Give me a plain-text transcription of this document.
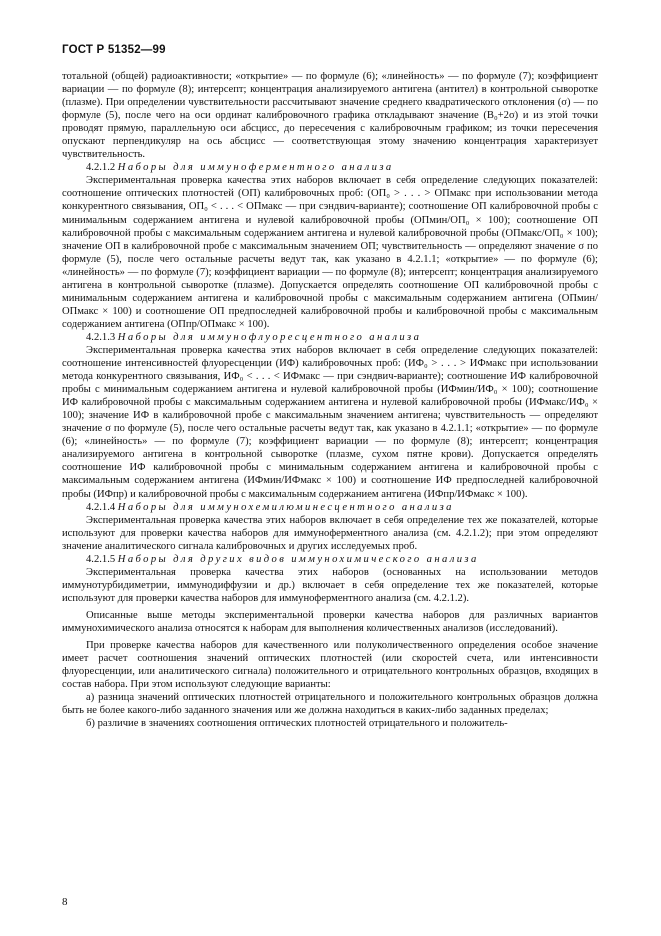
ГОСТ Р 51352—99

тотальной (общей) радиоактивности; «открытие» — по формуле (6); «линейность» — по формуле (7); коэффициент вариации — по формуле (8); интерсепт; концентрация анализируемого антигена (антител) в контрольной сыворотке (плазме). При определении чувствительности рассчитывают значение среднего квадратического отклонения (σ) — по формуле (5), после чего на оси ординат калибровочного графика откладывают значение (B₀+2σ) и из этой точки проводят прямую, параллельную оси абсцисс, до пересечения с калибровочным графиком; из точки пересечения опускают перпендикуляр на ось абсцисс — соответствующая этому значению концентрация характеризует чувствительность.

4.2.1.2 Наборы для иммуноферментного анализа

Экспериментальная проверка качества этих наборов включает в себя определение следующих показателей: соотношение оптических плотностей (ОП) калибровочных проб: (ОП₀ > . . . > ОПмакс при использовании метода конкурентного связывания, ОП₀ < . . . < ОПмакс — при сэндвич-варианте); соотношение ОП калибровочной пробы с минимальным содержанием антигена и нулевой калибровочной пробы (ОПмин/ОП₀ × 100); соотношение ОП калибровочной пробы с максимальным содержанием антигена и нулевой калибровочной пробы (ОПмакс/ОП₀ × 100); значение ОП в калибровочной пробе с максимальным значением ОП; чувствительность — определяют значение σ по формуле (5), после чего остальные расчеты ведут так, как указано в 4.2.1.1; «открытие» — по формуле (6); «линейность» — по формуле (7); коэффициент вариации — по формуле (8); интерсепт; концентрация анализируемого антигена в контрольной сыворотке (плазме). Допускается определять соотношение ОП калибровочной пробы с минимальным содержанием антигена и калибровочной пробы с максимальным содержанием антигена (ОПмин/ОПмакс × 100) и соотношение ОП предпоследней калибровочной пробы и калибровочной пробы с максимальным содержанием антигена (ОПпр/ОПмакс × 100).

4.2.1.3 Наборы для иммунофлуоресцентного анализа

Экспериментальная проверка качества этих наборов включает в себя определение следующих показателей: соотношение интенсивностей флуоресценции (ИФ) калибровочных проб: (ИФ₀ > . . . > ИФмакс при использовании метода конкурентного связывания, ИФ₀ < . . . < ИФмакс — при сэндвич-варианте); соотношение ИФ калибровочной пробы с минимальным содержанием антигена и нулевой калибровочной пробы (ИФмин/ИФ₀ × 100); соотношение ИФ калибровочной пробы с максимальным содержанием антигена и нулевой калибровочной пробы (ИФмакс/ИФ₀ × 100); значение ИФ в калибровочной пробе с максимальным значением антигена; чувствительность — определяют значение σ по формуле (5), после чего остальные расчеты ведут так, как указано в 4.2.1.1; «открытие» — по формуле (6); «линейность» — по формуле (7); коэффициент вариации — по формуле (8); интерсепт; концентрация анализируемого антигена в контрольной сыворотке (плазме, сухом пятне крови). Допускается определять соотношение ИФ калибровочной пробы с минимальным содержанием антигена и калибровочной пробы с максимальным содержанием антигена (ИФмин/ИФмакс × 100) и соотношение ИФ предпоследней калибровочной пробы (ИФпр) и калибровочной пробы с максимальным содержанием антигена (ИФпр/ИФмакс × 100).

4.2.1.4 Наборы для иммунохемилюминесцентного анализа

Экспериментальная проверка качества этих наборов включает в себя определение тех же показателей, которые используют для проверки качества наборов для иммуноферментного анализа (см. 4.2.1.2); при этом определяют значение аналитического сигнала калибровочных и других исследуемых проб.

4.2.1.5 Наборы для других видов иммунохимического анализа

Экспериментальная проверка качества этих наборов (основанных на использовании методов иммунотурбидиметрии, иммунодиффузии и др.) включает в себя определение тех же показателей, которые используют для проверки качества наборов для иммуноферментного анализа (см. 4.2.1.2).

Описанные выше методы экспериментальной проверки качества наборов для различных вариантов иммунохимического анализа относятся к наборам для выполнения количественных анализов (исследований).

При проверке качества наборов для качественного или полуколичественного определения особое значение имеет расчет соотношения значений оптических плотностей (или скоростей счета, или интенсивности флуоресценции, или аналитического сигнала) положительного и отрицательного контрольных образцов, входящих в состав набора. При этом используют следующие варианты:

а) разница значений оптических плотностей отрицательного и положительного контрольных образцов должна быть не более какого-либо заданного значения или же должна находиться в каких-либо заданных пределах;

б) различие в значениях соотношения оптических плотностей отрицательного и положитель-

8
